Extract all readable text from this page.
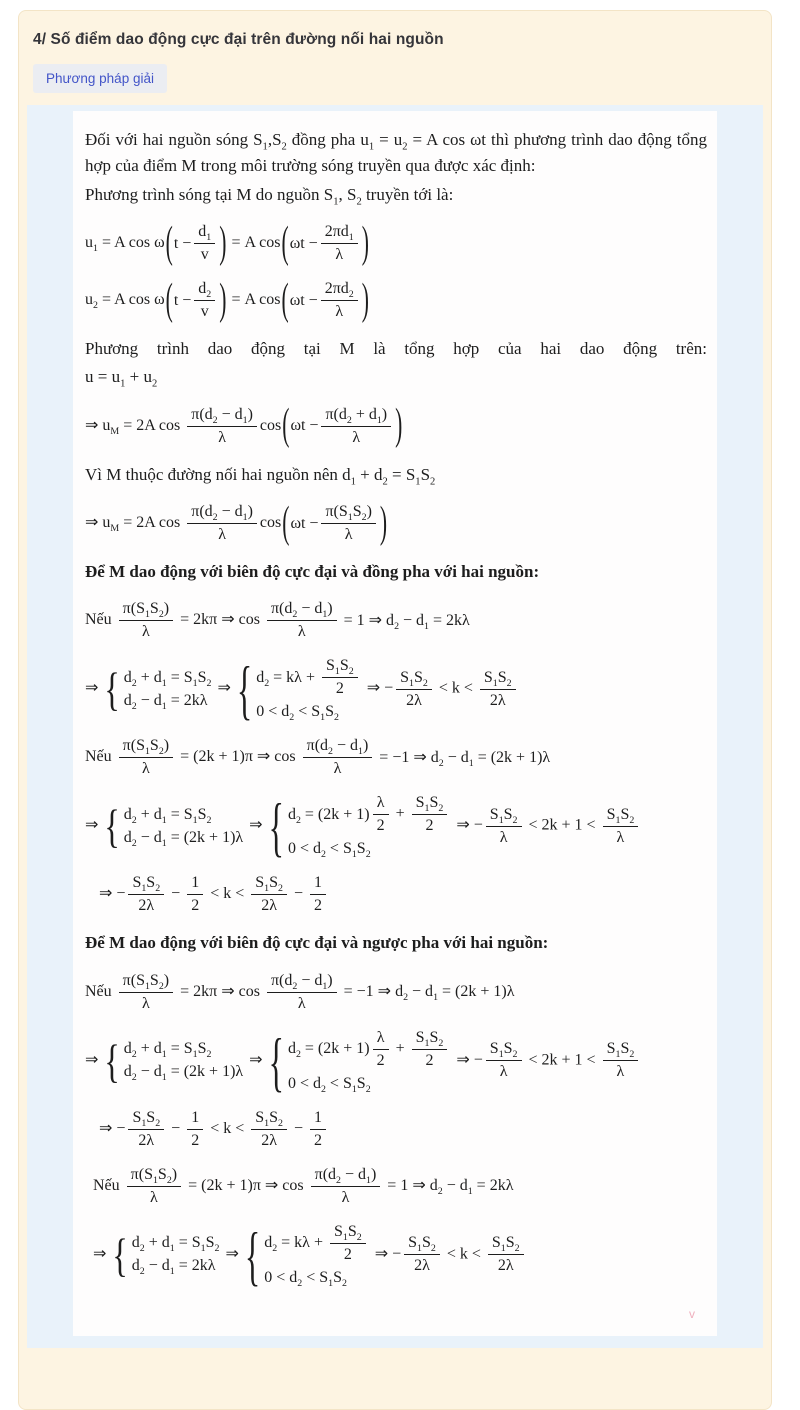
4/ Số điểm dao động cực đại trên đường nối hai nguồn
Phương pháp giải
v
Đối với hai nguồn sóng $S_1,S_2$ đồng pha $u_1 = u_2 = A$ cos ωt thì phương trình dao động tổng hợp của điểm M trong môi trường sóng truyền qua được xác định:
Phương trình sóng tại M do nguồn $S_1$, $S_2$ truyền tới là:
$u_1 = A$ cos ω ( $t - \frac{d_1}{v}$ ) = A cos ( $\omega t - \frac{2\pi d_1}{\lambda}$ )
$u_2 = A$ cos ω ( $t - \frac{d_2}{v}$ ) = A cos ( $\omega t - \frac{2\pi d_2}{\lambda}$ )
Phương trình dao động tại M là tổng hợp của hai dao động trên:
$u = u_1 + u_2$
⇒ $u_M = 2A$ $\cos \frac{\pi(d_2 - d_1)}{\lambda}$ cos ( $\omega t - \frac{\pi(d_2 + d_1)}{\lambda}$ )
Vì M thuộc đường nối hai nguồn nên $d_1 + d_2 = S_1S_2$
⇒ $u_M = 2A$ $\cos \frac{\pi(d_2 - d_1)}{\lambda}$ cos ( $\omega t - \frac{\pi(S_1S_2)}{\lambda}$ )
Để M dao động với biên độ cực đại và đồng pha với hai nguồn:
Nếu $\frac{\pi(S_1S_2)}{\lambda} = 2k\pi$ ⇒ $\cos \frac{\pi(d_2 - d_1)}{\lambda} = 1$ ⇒ $d_2 - d_1 = 2k\lambda$
⇒ { $d_2 + d_1 = S_1S_2$
$d_2 - d_1 = 2k\lambda$
⇒ { $d_2 = k\lambda + \frac{S_1S_2}{2}$
$0 < d_2 < S_1S_2$
⇒ − $\frac{S_1S_2}{2\lambda} < k < \frac{S_1S_2}{2\lambda}$
Nếu $\frac{\pi(S_1S_2)}{\lambda} = (2k + 1)\pi$ ⇒ $\cos \frac{\pi(d_2 - d_1)}{\lambda} = -1$ ⇒ $d_2 - d_1 = (2k + 1)\lambda$
⇒ { $d_2 + d_1 = S_1S_2$
$d_2 - d_1 = (2k + 1)\lambda$
⇒ { $d_2 = (2k + 1) \frac{\lambda}{2} + \frac{S_1S_2}{2}$
$0 < d_2 < S_1S_2$
⇒ − $\frac{S_1S_2}{\lambda} < 2k + 1 < \frac{S_1S_2}{\lambda}$
⇒ − $\frac{S_1S_2}{2\lambda} - \frac{1}{2} < k < \frac{S_1S_2}{2\lambda} - \frac{1}{2}$
Để M dao động với biên độ cực đại và ngược pha với hai nguồn:
Nếu $\frac{\pi(S_1S_2)}{\lambda} = 2k\pi$ ⇒ $\cos \frac{\pi(d_2 - d_1)}{\lambda} = -1$ ⇒ $d_2 - d_1 = (2k + 1)\lambda$
⇒ { $d_2 + d_1 = S_1S_2$
$d_2 - d_1 = (2k + 1)\lambda$
⇒ { $d_2 = (2k + 1) \frac{\lambda}{2} + \frac{S_1S_2}{2}$
$0 < d_2 < S_1S_2$
⇒ − $\frac{S_1S_2}{\lambda} < 2k + 1 < \frac{S_1S_2}{\lambda}$
⇒ − $\frac{S_1S_2}{2\lambda} - \frac{1}{2} < k < \frac{S_1S_2}{2\lambda} - \frac{1}{2}$
Nếu $\frac{\pi(S_1S_2)}{\lambda} = (2k + 1)\pi$ ⇒ $\cos \frac{\pi(d_2 - d_1)}{\lambda} = 1$ ⇒ $d_2 - d_1 = 2k\lambda$
⇒ { $d_2 + d_1 = S_1S_2$
$d_2 - d_1 = 2k\lambda$
⇒ { $d_2 = k\lambda + \frac{S_1S_2}{2}$
$0 < d_2 < S_1S_2$
⇒ − $\frac{S_1S_2}{2\lambda} < k < \frac{S_1S_2}{2\lambda}$
